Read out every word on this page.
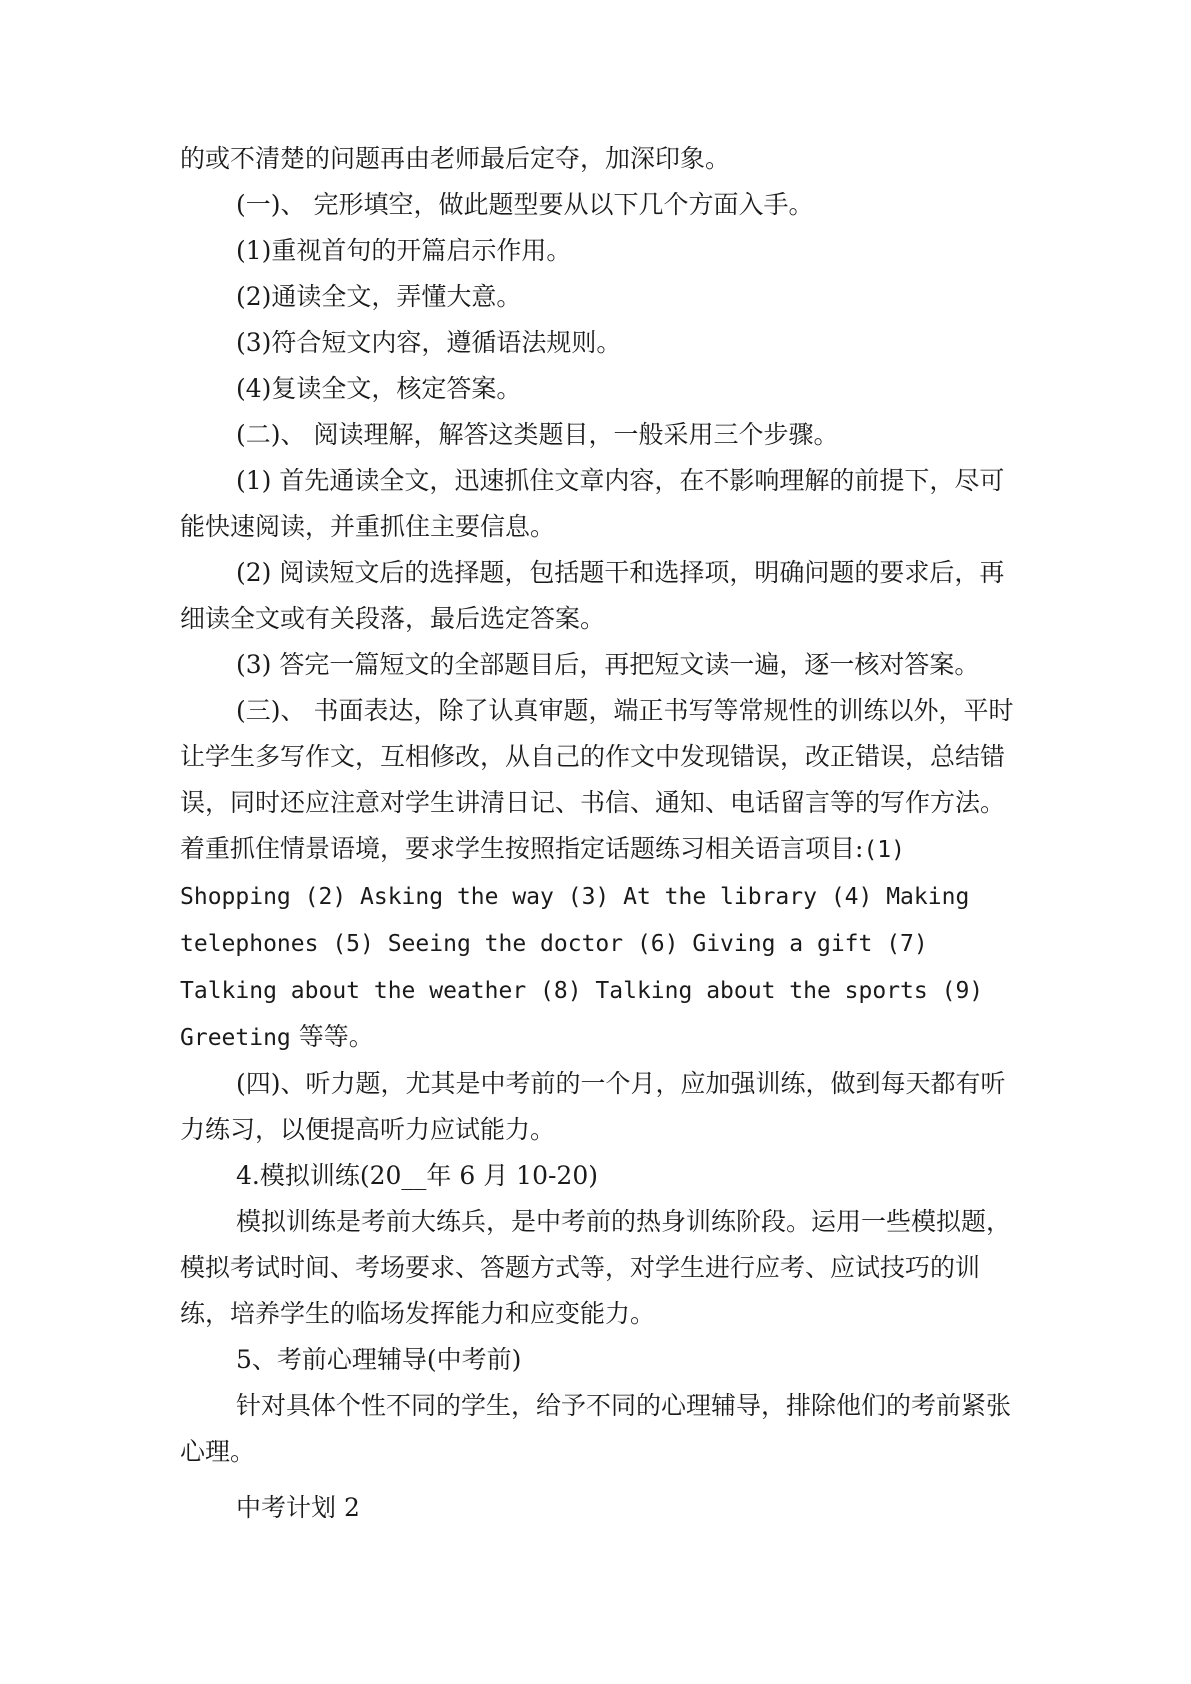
的或不清楚的问题再由老师最后定夺，加深印象。

(一)、 完形填空，做此题型要从以下几个方面入手。

(1)重视首句的开篇启示作用。

(2)通读全文，弄懂大意。

(3)符合短文内容，遵循语法规则。

(4)复读全文，核定答案。

(二)、 阅读理解，解答这类题目，一般采用三个步骤。

(1) 首先通读全文，迅速抓住文章内容，在不影响理解的前提下，尽可能快速阅读，并重抓住主要信息。

(2) 阅读短文后的选择题，包括题干和选择项，明确问题的要求后，再细读全文或有关段落，最后选定答案。

(3) 答完一篇短文的全部题目后，再把短文读一遍，逐一核对答案。

(三)、 书面表达，除了认真审题，端正书写等常规性的训练以外，平时让学生多写作文，互相修改，从自己的作文中发现错误，改正错误，总结错误，同时还应注意对学生讲清日记、书信、通知、电话留言等的写作方法。着重抓住情景语境，要求学生按照指定话题练习相关语言项目:(1) Shopping (2) Asking the way (3) At the library (4) Making telephones (5) Seeing the doctor (6) Giving a gift (7) Talking about the weather (8) Talking about the sports (9) Greeting 等等。

(四)、听力题，尤其是中考前的一个月，应加强训练，做到每天都有听力练习，以便提高听力应试能力。

4.模拟训练(20__年 6 月 10-20)

模拟训练是考前大练兵，是中考前的热身训练阶段。运用一些模拟题，模拟考试时间、考场要求、答题方式等，对学生进行应考、应试技巧的训练，培养学生的临场发挥能力和应变能力。

5、考前心理辅导(中考前)

针对具体个性不同的学生，给予不同的心理辅导，排除他们的考前紧张心理。

中考计划 2
